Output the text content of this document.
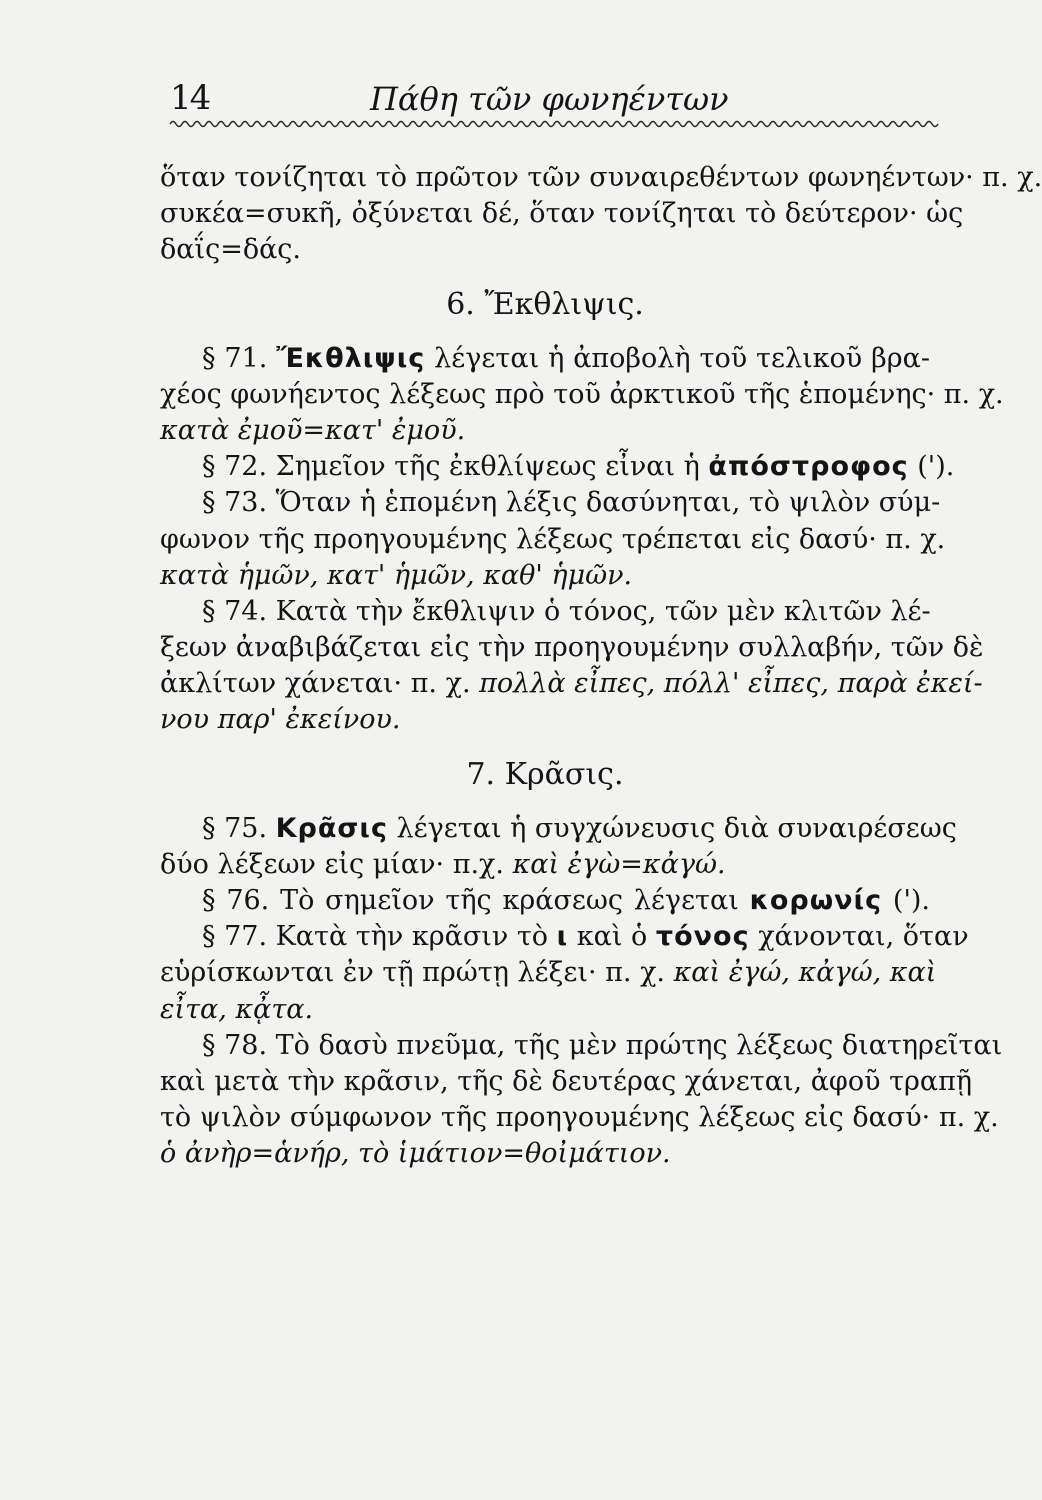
14	Πάθη τῶν φωνηέντων
ὅταν τονίζηται τὸ πρῶτον τῶν συναιρεθέντων φωνηέντων· π. χ.
συκέα=συκῆ, ὀξύνεται δέ, ὅταν τονίζηται τὸ δεύτερον· ὡς
δαΐς=δάς.
6. Ἔκθλιψις.
§ 71. Ἔκθλιψις λέγεται ἡ ἀποβολὴ τοῦ τελικοῦ βρα-
χέος φωνήεντος λέξεως πρὸ τοῦ ἀρκτικοῦ τῆς ἑπομένης· π. χ.
κατὰ ἐμοῦ=κατ' ἐμοῦ.
§ 72. Σημεῖον τῆς ἐκθλίψεως εἶναι ἡ ἀπόστροφος (').
§ 73. Ὅταν ἡ ἑπομένη λέξις δασύνηται, τὸ ψιλὸν σύμ-
φωνον τῆς προηγουμένης λέξεως τρέπεται εἰς δασύ· π. χ.
κατὰ ἡμῶν, κατ' ἡμῶν, καθ' ἡμῶν.
§ 74. Κατὰ τὴν ἔκθλιψιν ὁ τόνος, τῶν μὲν κλιτῶν λέ-
ξεων ἀναβιβάζεται εἰς τὴν προηγουμένην συλλαβήν, τῶν δὲ
ἀκλίτων χάνεται· π. χ. πολλὰ εἶπες, πόλλ' εἶπες, παρὰ ἐκεί-
νου παρ' ἐκείνου.
7. Κρᾶσις.
§ 75. Κρᾶσις λέγεται ἡ συγχώνευσις διὰ συναιρέσεως
δύο λέξεων εἰς μίαν· π.χ. καὶ ἐγὼ=κἀγώ.
§ 76. Τὸ σημεῖον τῆς κράσεως λέγεται κορωνίς (').
§ 77. Κατὰ τὴν κρᾶσιν τὸ ι καὶ ὁ τόνος χάνονται, ὅταν
εὑρίσκωνται ἐν τῇ πρώτῃ λέξει· π. χ. καὶ ἐγώ, κἀγώ, καὶ
εἶτα, κᾆτα.
§ 78. Τὸ δασὺ πνεῦμα, τῆς μὲν πρώτης λέξεως διατηρεῖται
καὶ μετὰ τὴν κρᾶσιν, τῆς δὲ δευτέρας χάνεται, ἀφοῦ τραπῇ
τὸ ψιλὸν σύμφωνον τῆς προηγουμένης λέξεως εἰς δασύ· π. χ.
ὁ ἀνὴρ=ἁνήρ, τὸ ἱμάτιον=θοἰμάτιον.
